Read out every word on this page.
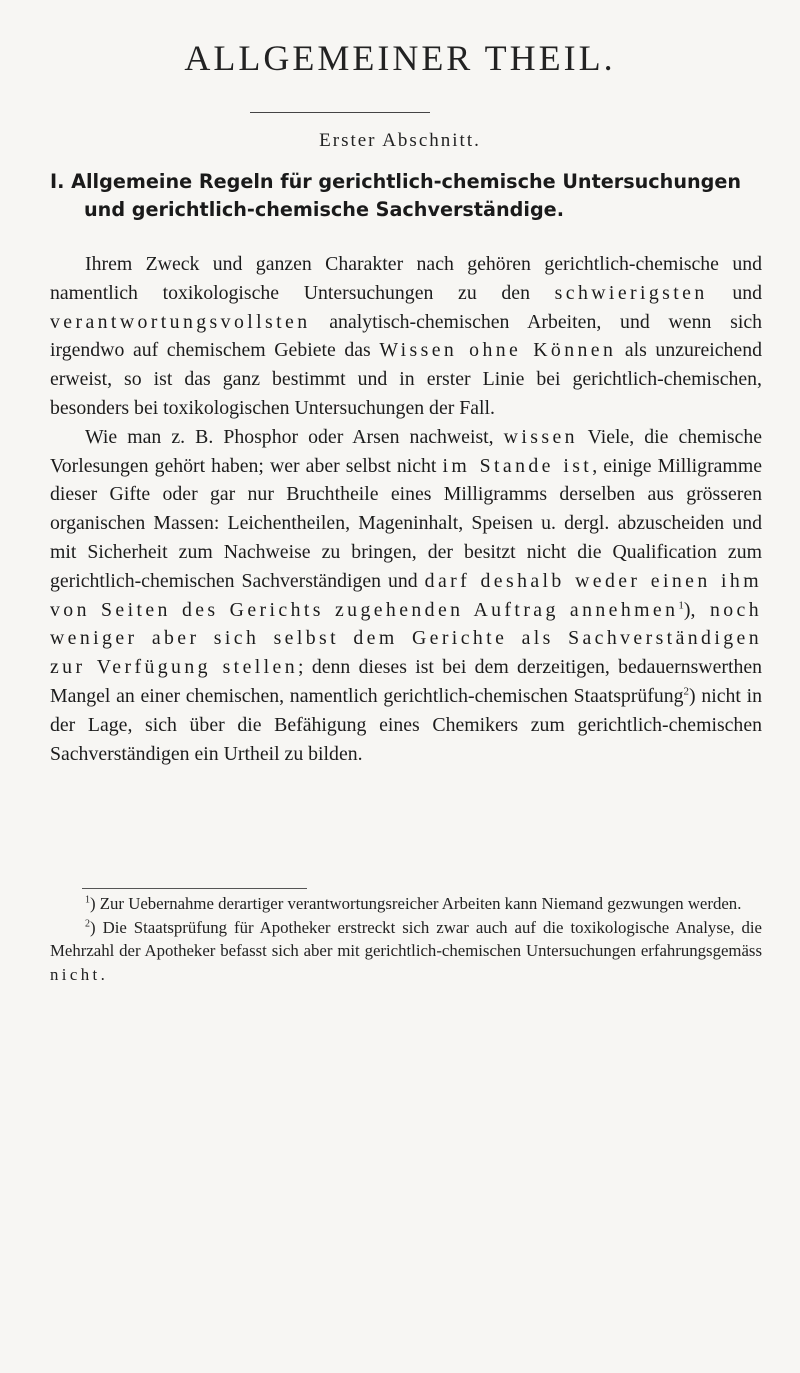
ALLGEMEINER THEIL.
Erster Abschnitt.
I. Allgemeine Regeln für gerichtlich-chemische Untersuchungen
und gerichtlich-chemische Sachverständige.

Ihrem Zweck und ganzen Charakter nach gehören gerichtlich-chemische und namentlich toxikologische Untersuchungen zu den schwierigsten und verantwortungsvollsten analytisch-chemischen Arbeiten, und wenn sich irgendwo auf chemischem Gebiete das Wissen ohne Können als unzureichend erweist, so ist das ganz bestimmt und in erster Linie bei gerichtlich-chemischen, besonders bei toxikologischen Untersuchungen der Fall.

Wie man z. B. Phosphor oder Arsen nachweist, wissen Viele, die chemische Vorlesungen gehört haben; wer aber selbst nicht im Stande ist, einige Milligramme dieser Gifte oder gar nur Bruchtheile eines Milligramms derselben aus grösseren organischen Massen: Leichentheilen, Mageninhalt, Speisen u. dergl. abzuscheiden und mit Sicherheit zum Nachweise zu bringen, der besitzt nicht die Qualification zum gerichtlich-chemischen Sachverständigen und darf deshalb weder einen ihm von Seiten des Gerichts zugehenden Auftrag annehmen$^1$), noch weniger aber sich selbst dem Gerichte als Sachverständigen zur Verfügung stellen; denn dieses ist bei dem derzeitigen, bedauernswerthen Mangel an einer chemischen, namentlich gerichtlich-chemischen Staatsprüfung$^2$) nicht in der Lage, sich über die Befähigung eines Chemikers zum gerichtlich-chemischen Sachverständigen ein Urtheil zu bilden.

$^1$) Zur Uebernahme derartiger verantwortungsreicher Arbeiten kann Niemand gezwungen werden.

$^2$) Die Staatsprüfung für Apotheker erstreckt sich zwar auch auf die toxikologische Analyse, die Mehrzahl der Apotheker befasst sich aber mit gerichtlich-chemischen Untersuchungen erfahrungsgemäss nicht.
